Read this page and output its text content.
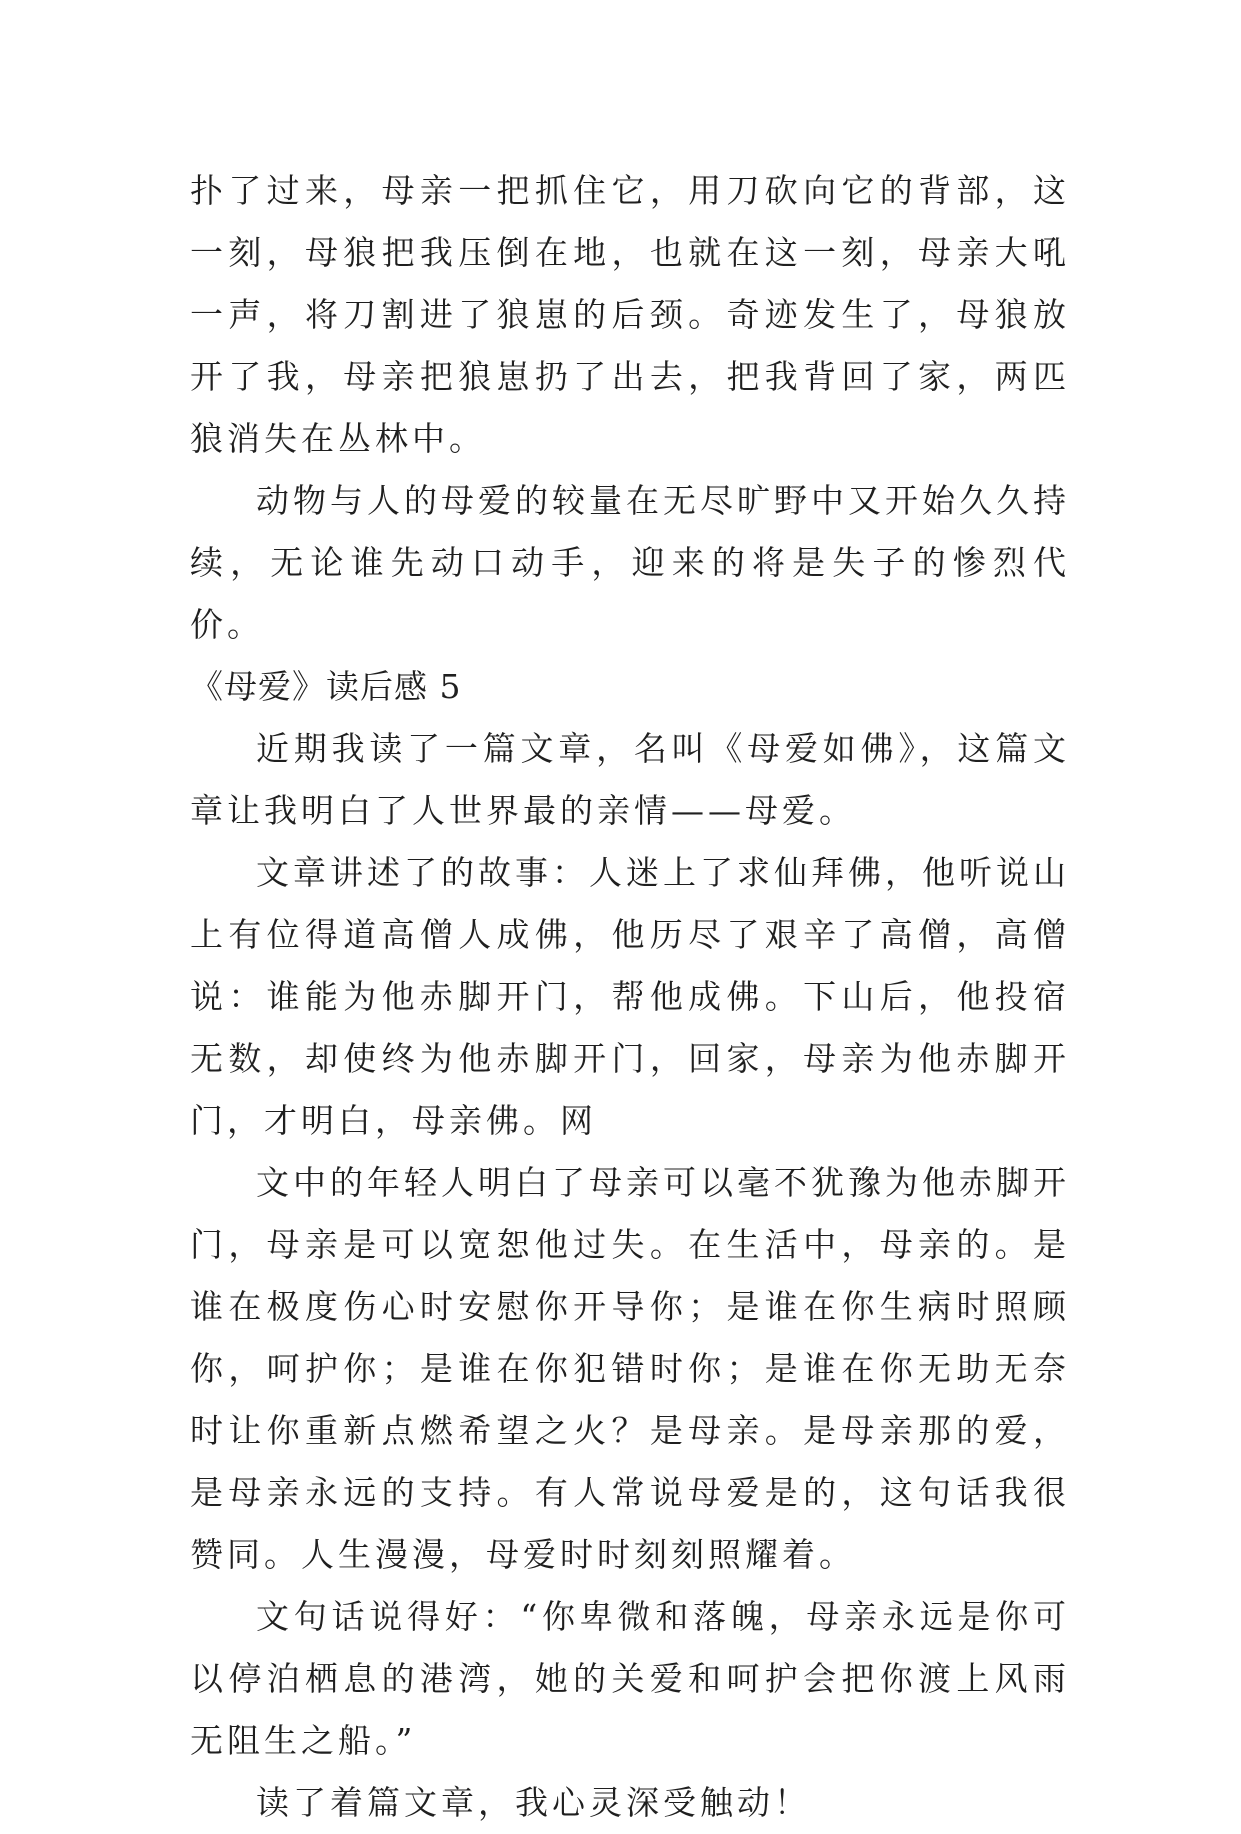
扑了过来，母亲一把抓住它，用刀砍向它的背部，这一刻，母狼把我压倒在地，也就在这一刻，母亲大吼一声，将刀割进了狼崽的后颈。奇迹发生了，母狼放开了我，母亲把狼崽扔了出去，把我背回了家，两匹狼消失在丛林中。

动物与人的母爱的较量在无尽旷野中又开始久久持续，无论谁先动口动手，迎来的将是失子的惨烈代价。

《母爱》读后感 5

近期我读了一篇文章，名叫《母爱如佛》，这篇文章让我明白了人世界最的亲情——母爱。

文章讲述了的故事：人迷上了求仙拜佛，他听说山上有位得道高僧人成佛，他历尽了艰辛了高僧，高僧说：谁能为他赤脚开门，帮他成佛。下山后，他投宿无数，却使终为他赤脚开门，回家，母亲为他赤脚开门，才明白，母亲佛。网

文中的年轻人明白了母亲可以毫不犹豫为他赤脚开门，母亲是可以宽恕他过失。在生活中，母亲的。是谁在极度伤心时安慰你开导你；是谁在你生病时照顾你，呵护你；是谁在你犯错时你；是谁在你无助无奈时让你重新点燃希望之火？是母亲。是母亲那的爱，是母亲永远的支持。有人常说母爱是的，这句话我很赞同。人生漫漫，母爱时时刻刻照耀着。

文句话说得好：“你卑微和落魄，母亲永远是你可以停泊栖息的港湾，她的关爱和呵护会把你渡上风雨无阻生之船。”

读了着篇文章，我心灵深受触动！
